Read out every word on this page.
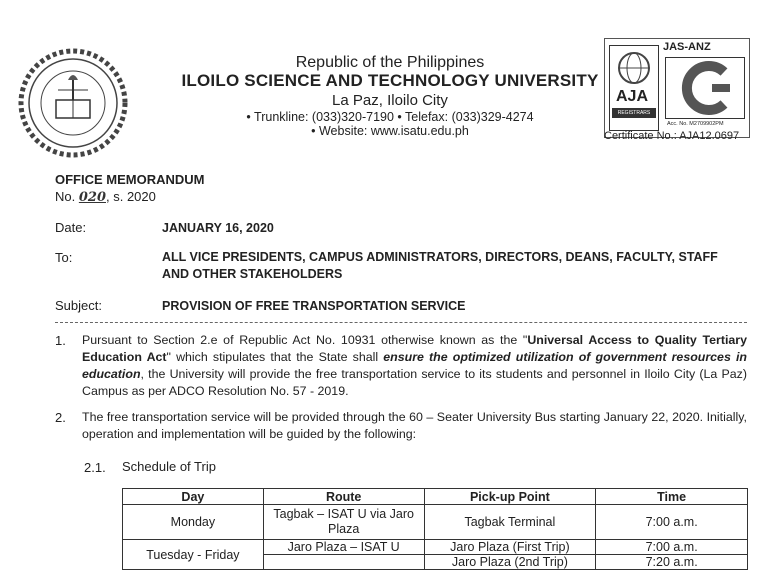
Republic of the Philippines
ILOILO SCIENCE AND TECHNOLOGY UNIVERSITY
La Paz, Iloilo City
• Trunkline: (033)320-7190 • Telefax: (033)329-4274
• Website: www.isatu.edu.ph
JAS-ANZ
AJA
REGISTRARS
Acc. No. M2709902PM
Certificate No.: AJA12.0697
OFFICE MEMORANDUM
No. 020, s. 2020
Date:	JANUARY 16, 2020
To:	ALL VICE PRESIDENTS, CAMPUS ADMINISTRATORS, DIRECTORS, DEANS, FACULTY, STAFF AND OTHER STAKEHOLDERS
Subject:	PROVISION OF FREE TRANSPORTATION SERVICE
1. Pursuant to Section 2.e of Republic Act No. 10931 otherwise known as the "Universal Access to Quality Tertiary Education Act" which stipulates that the State shall ensure the optimized utilization of government resources in education, the University will provide the free transportation service to its students and personnel in Iloilo City (La Paz) Campus as per ADCO Resolution No. 57 - 2019.
2. The free transportation service will be provided through the 60 – Seater University Bus starting January 22, 2020. Initially, operation and implementation will be guided by the following:
2.1. Schedule of Trip
Day	Route	Pick-up Point	Time
Monday	Tagbak – ISAT U via Jaro Plaza	Tagbak Terminal	7:00 a.m.
Tuesday - Friday	Jaro Plaza – ISAT U	Jaro Plaza (First Trip)	7:00 a.m.
		Jaro Plaza (2nd Trip)	7:20 a.m.
